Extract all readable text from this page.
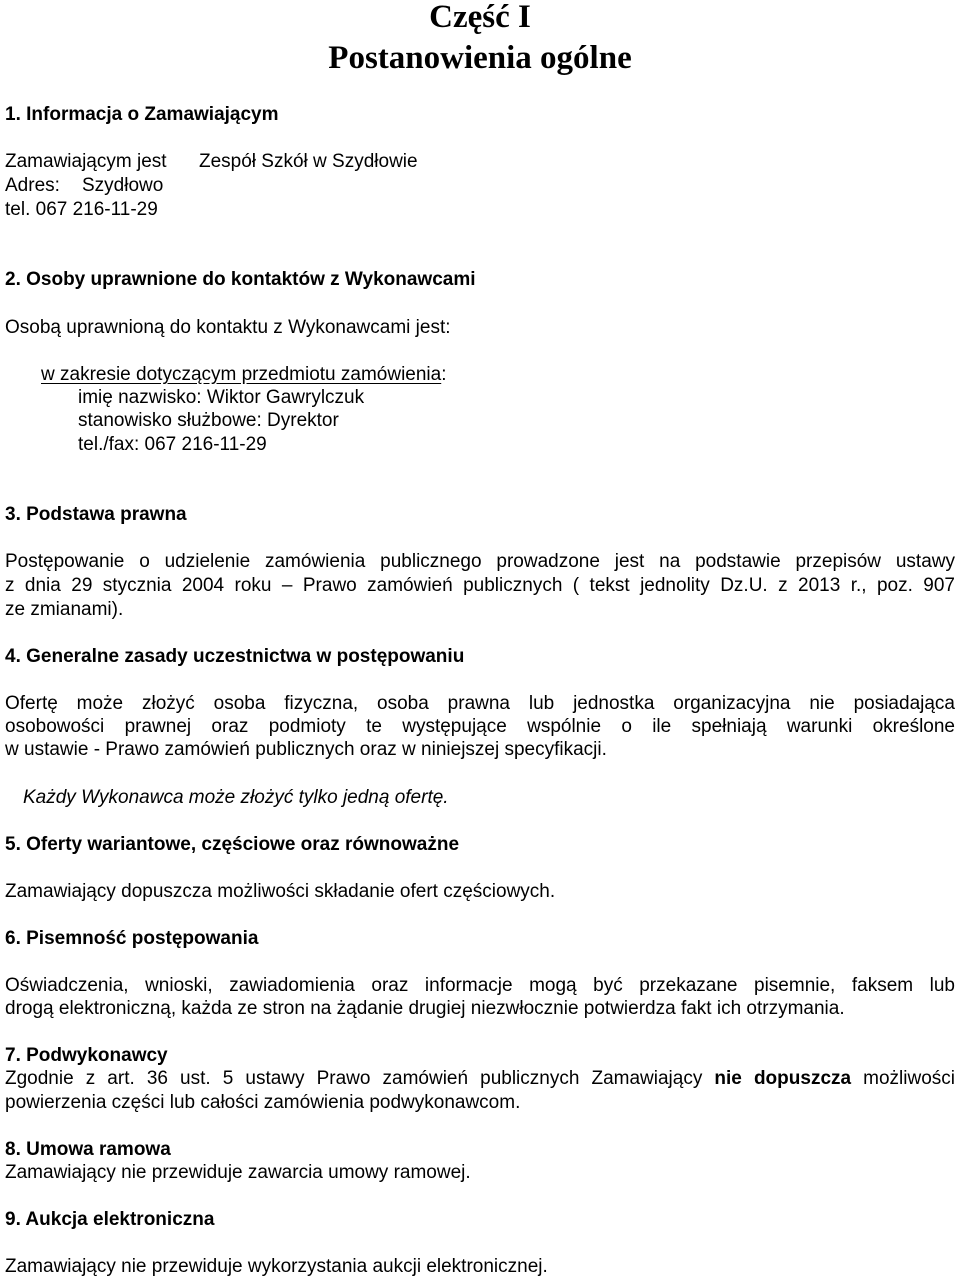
Część I
Postanowienia ogólne
1. Informacja o Zamawiającym
Zamawiającym jest Zespół Szkół w Szydłowie
Adres: Szydłowo
tel. 067 216-11-29
2. Osoby uprawnione do kontaktów z Wykonawcami
Osobą uprawnioną do kontaktu z Wykonawcami jest:
w zakresie dotyczącym przedmiotu zamówienia:
imię nazwisko: Wiktor Gawrylczuk
stanowisko służbowe: Dyrektor
tel./fax: 067 216-11-29
3. Podstawa prawna
Postępowanie o udzielenie zamówienia publicznego prowadzone jest na podstawie przepisów ustawy
z dnia 29 stycznia 2004 roku – Prawo zamówień publicznych ( tekst jednolity Dz.U. z 2013 r., poz. 907
ze zmianami).
4. Generalne zasady uczestnictwa w postępowaniu
Ofertę może złożyć osoba fizyczna, osoba prawna lub jednostka organizacyjna nie posiadająca
osobowości prawnej oraz podmioty te występujące wspólnie o ile spełniają warunki określone
w ustawie - Prawo zamówień publicznych oraz w niniejszej specyfikacji.
Każdy Wykonawca może złożyć tylko jedną ofertę.
5. Oferty wariantowe, częściowe oraz równoważne
Zamawiający dopuszcza możliwości składanie ofert częściowych.
6. Pisemność postępowania
Oświadczenia, wnioski, zawiadomienia oraz informacje mogą być przekazane pisemnie, faksem lub
drogą elektroniczną, każda ze stron na żądanie drugiej niezwłocznie potwierdza fakt ich otrzymania.
7. Podwykonawcy
Zgodnie z art. 36 ust. 5 ustawy Prawo zamówień publicznych Zamawiający nie dopuszcza możliwości
powierzenia części lub całości zamówienia podwykonawcom.
8. Umowa ramowa
Zamawiający nie przewiduje zawarcia umowy ramowej.
9. Aukcja elektroniczna
Zamawiający nie przewiduje wykorzystania aukcji elektronicznej.
